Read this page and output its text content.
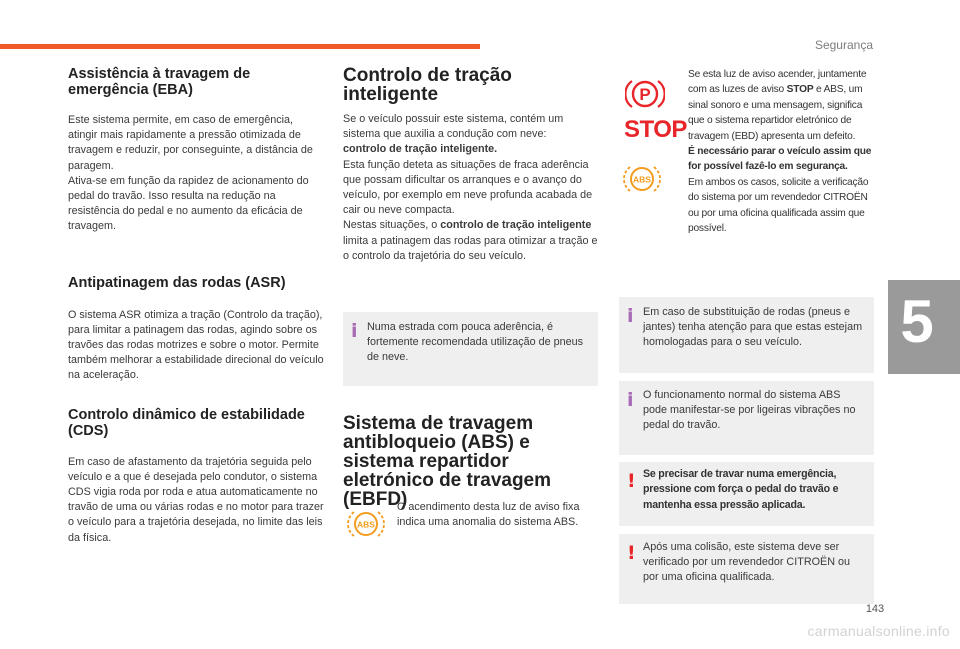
Segurança
Assistência à travagem de emergência (EBA)

Este sistema permite, em caso de emergência, atingir mais rapidamente a pressão otimizada de travagem e reduzir, por conseguinte, a distância de paragem.

Ativa-se em função da rapidez de acionamento do pedal do travão. Isso resulta na redução na resistência do pedal e no aumento da eficácia de travagem.

Antipatinagem das rodas (ASR)

O sistema ASR otimiza a tração (Controlo da tração), para limitar a patinagem das rodas, agindo sobre os travões das rodas motrizes e sobre o motor. Permite também melhorar a estabilidade direcional do veículo na aceleração.

Controlo dinâmico de estabilidade (CDS)

Em caso de afastamento da trajetória seguida pelo veículo e a que é desejada pelo condutor, o sistema CDS vigia roda por roda e atua automaticamente no travão de uma ou várias rodas e no motor para trazer o veículo para a trajetória desejada, no limite das leis da física.

Controlo de tração inteligente

Se o veículo possuir este sistema, contém um sistema que auxilia a condução com neve:
controlo de tração inteligente.

Esta função deteta as situações de fraca aderência que possam dificultar os arranques e o avanço do veículo, por exemplo em neve profunda acabada de cair ou neve compacta.

Nestas situações, o controlo de tração inteligente limita a patinagem das rodas para otimizar a tração e o controlo da trajetória do seu veículo.

i Numa estrada com pouca aderência, é fortemente recomendada utilização de pneus de neve.

Sistema de travagem antibloqueio (ABS) e sistema repartidor eletrónico de travagem (EBFD)
ABS

O acendimento desta luz de aviso fixa indica uma anomalia do sistema ABS.

P
STOP
ABS

Se esta luz de aviso acender, juntamente com as luzes de aviso STOP e ABS, um sinal sonoro e uma mensagem, significa que o sistema repartidor eletrónico de travagem (EBD) apresenta um defeito.

É necessário parar o veículo assim que for possível fazê-lo em segurança.

Em ambos os casos, solicite a verificação do sistema por um revendedor CITROËN ou por uma oficina qualificada assim que possível.

i Em caso de substituição de rodas (pneus e jantes) tenha atenção para que estas estejam homologadas para o seu veículo.

i O funcionamento normal do sistema ABS pode manifestar-se por ligeiras vibrações no pedal do travão.

! Se precisar de travar numa emergência, pressione com força o pedal do travão e mantenha essa pressão aplicada.

! Após uma colisão, este sistema deve ser verificado por um revendedor CITROËN ou por uma oficina qualificada.

5
143
carmanualsonline.info
